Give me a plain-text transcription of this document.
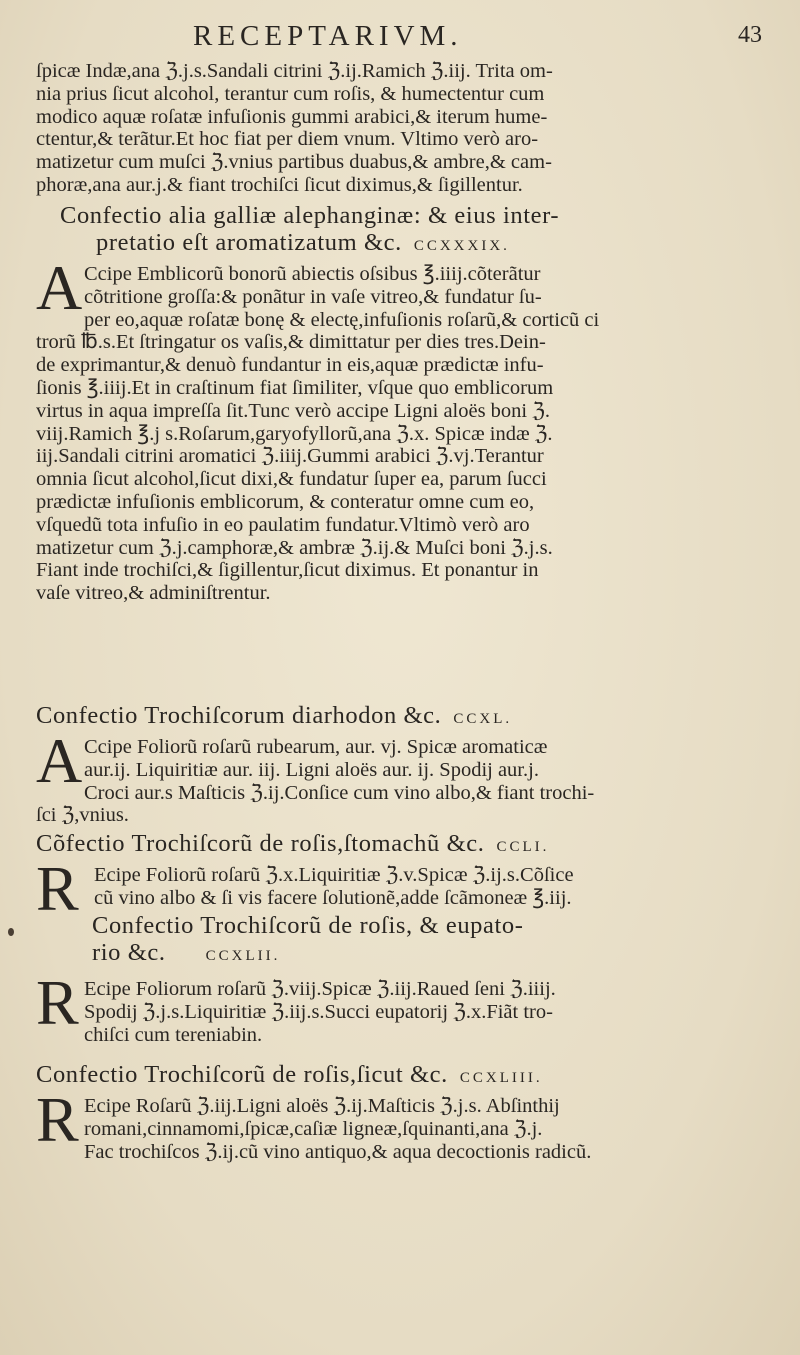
RECEPTARIVM.	43
ſpicæ Indæ,ana ℨ.j.s.Sandali citrini ℨ.ij.Ramich ℨ.iij. Trita om-
nia prius ſicut alcohol, terantur cum roſis, & humectentur cum
modico aquæ roſatæ infuſionis gummi arabici,& iterum hume-
ctentur,& terãtur.Et hoc fiat per diem vnum. Vltimo verò aro-
matizetur cum muſci ℨ.vnius partibus duabus,& ambre,& cam-
phoræ,ana aur.j.& fiant trochiſci ſicut diximus,& ſigillentur.
Confectio alia galliæ alephanginæ: & eius inter-
pretatio eſt aromatizatum &c. CCXXXIX.
A Ccipe Emblicorũ bonorũ abiectis oſsibus ℥.iiij.cõterãtur
cõtritione groſſa:& ponãtur in vaſe vitreo,& fundatur ſu-
per eo,aquæ roſatæ bonę & electę,infuſionis roſarũ,& corticũ ci
trorũ ℔.s.Et ſtringatur os vaſis,& dimittatur per dies tres.Dein-
de exprimantur,& denuò fundantur in eis,aquæ prædictæ infu-
ſionis ℥.iiij.Et in craſtinum fiat ſimiliter, vſque quo emblicorum
virtus in aqua impreſſa ſit.Tunc verò accipe Ligni aloës boni ℨ.
viij.Ramich ℥.j s.Roſarum,garyofyllorũ,ana ℨ.x. Spicæ indæ ℨ.
iij.Sandali citrini aromatici ℨ.iiij.Gummi arabici ℨ.vj.Terantur
omnia ſicut alcohol,ſicut dixi,& fundatur ſuper ea, parum ſucci
prædictæ infuſionis emblicorum, & conteratur omne cum eo,
vſquedũ tota infuſio in eo paulatim fundatur.Vltimò verò aro
matizetur cum ℨ.j.camphoræ,& ambræ ℨ.ij.& Muſci boni ℨ.j.s.
Fiant inde trochiſci,& ſigillentur,ſicut diximus. Et ponantur in
vaſe vitreo,& adminiſtrentur.
Confectio Trochiſcorum diarhodon &c. CCXL.
A Ccipe Foliorũ roſarũ rubearum, aur. vj. Spicæ aromaticæ
aur.ij. Liquiritiæ aur. iij. Ligni aloës aur. ij. Spodij aur.j.
Croci aur.s Maſticis ℨ.ij.Conſice cum vino albo,& fiant trochi-
ſci ℨ,vnius.
Cõfectio Trochiſcorũ de roſis,ſtomachũ &c. CCLI.
R Ecipe Foliorũ roſarũ ℨ.x.Liquiritiæ ℨ.v.Spicæ ℨ.ij.s.Cõſice
cũ vino albo & ſi vis facere ſolutionẽ,adde ſcãmoneæ ℥.iij.
Confectio Trochiſcorũ de roſis, & eupato-
rio &c.	CCXLII.
R Ecipe Foliorum roſarũ ℨ.viij.Spicæ ℨ.iij.Raued ſeni ℨ.iiij.
Spodij ℨ.j.s.Liquiritiæ ℨ.iij.s.Succi eupatorij ℨ.x.Fiãt tro-
chiſci cum tereniabin.
Confectio Trochiſcorũ de roſis,ſicut &c. CCXLIII.
R Ecipe Roſarũ ℨ.iij.Ligni aloës ℨ.ij.Maſticis ℨ.j.s. Abſinthij
romani,cinnamomi,ſpicæ,caſiæ ligneæ,ſquinanti,ana ℨ.j.
Fac trochiſcos ℨ.ij.cũ vino antiquo,& aqua decoctionis radicũ.
